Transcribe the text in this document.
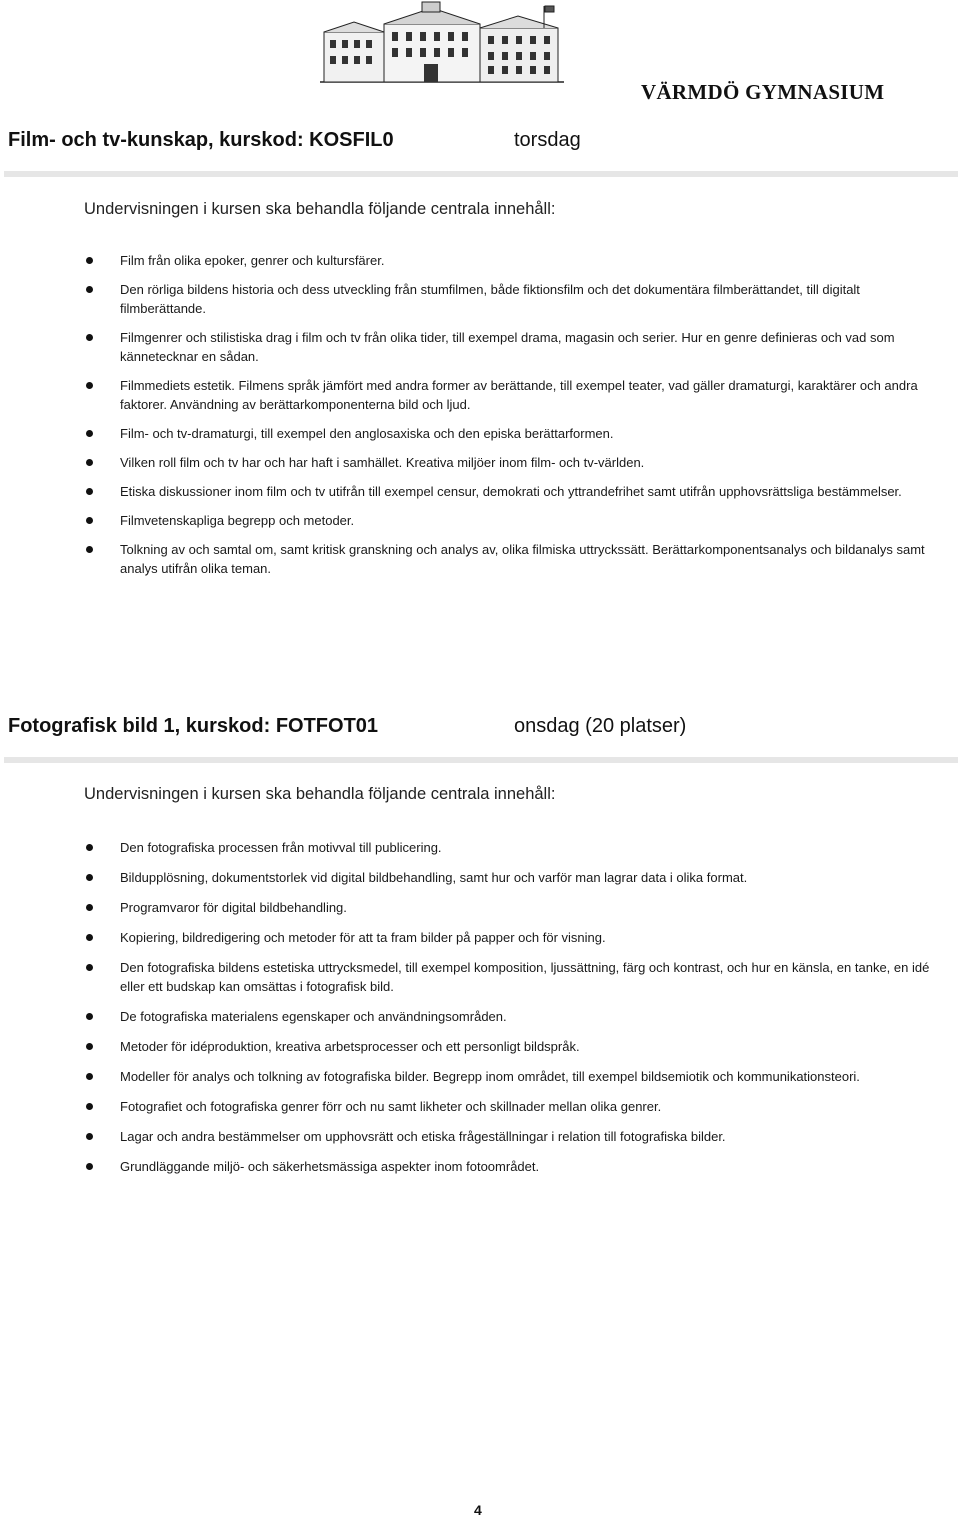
VÄRMDÖ GYMNASIUM
Film- och tv-kunskap, kurskod: KOSFIL0	torsdag
Undervisningen i kursen ska behandla följande centrala innehåll:
Film från olika epoker, genrer och kultursfärer.
Den rörliga bildens historia och dess utveckling från stumfilmen, både fiktionsfilm och det dokumentära filmberättandet, till digitalt filmberättande.
Filmgenrer och stilistiska drag i film och tv från olika tider, till exempel drama, magasin och serier. Hur en genre definieras och vad som kännetecknar en sådan.
Filmmediets estetik. Filmens språk jämfört med andra former av berättande, till exempel teater, vad gäller dramaturgi, karaktärer och andra faktorer. Användning av berättarkomponenterna bild och ljud.
Film- och tv-dramaturgi, till exempel den anglosaxiska och den episka berättarformen.
Vilken roll film och tv har och har haft i samhället. Kreativa miljöer inom film- och tv-världen.
Etiska diskussioner inom film och tv utifrån till exempel censur, demokrati och yttrandefrihet samt utifrån upphovsrättsliga bestämmelser.
Filmvetenskapliga begrepp och metoder.
Tolkning av och samtal om, samt kritisk granskning och analys av, olika filmiska uttryckssätt. Berättarkomponentsanalys och bildanalys samt analys utifrån olika teman.
Fotografisk bild 1, kurskod: FOTFOT01	onsdag (20 platser)
Undervisningen i kursen ska behandla följande centrala innehåll:
Den fotografiska processen från motivval till publicering.
Bildupplösning, dokumentstorlek vid digital bildbehandling, samt hur och varför man lagrar data i olika format.
Programvaror för digital bildbehandling.
Kopiering, bildredigering och metoder för att ta fram bilder på papper och för visning.
Den fotografiska bildens estetiska uttrycksmedel, till exempel komposition, ljussättning, färg och kontrast, och hur en känsla, en tanke, en idé eller ett budskap kan omsättas i fotografisk bild.
De fotografiska materialens egenskaper och användningsområden.
Metoder för idéproduktion, kreativa arbetsprocesser och ett personligt bildspråk.
Modeller för analys och tolkning av fotografiska bilder. Begrepp inom området, till exempel bildsemiotik och kommunikationsteori.
Fotografiet och fotografiska genrer förr och nu samt likheter och skillnader mellan olika genrer.
Lagar och andra bestämmelser om upphovsrätt och etiska frågeställningar i relation till fotografiska bilder.
Grundläggande miljö- och säkerhetsmässiga aspekter inom fotoområdet.
4
